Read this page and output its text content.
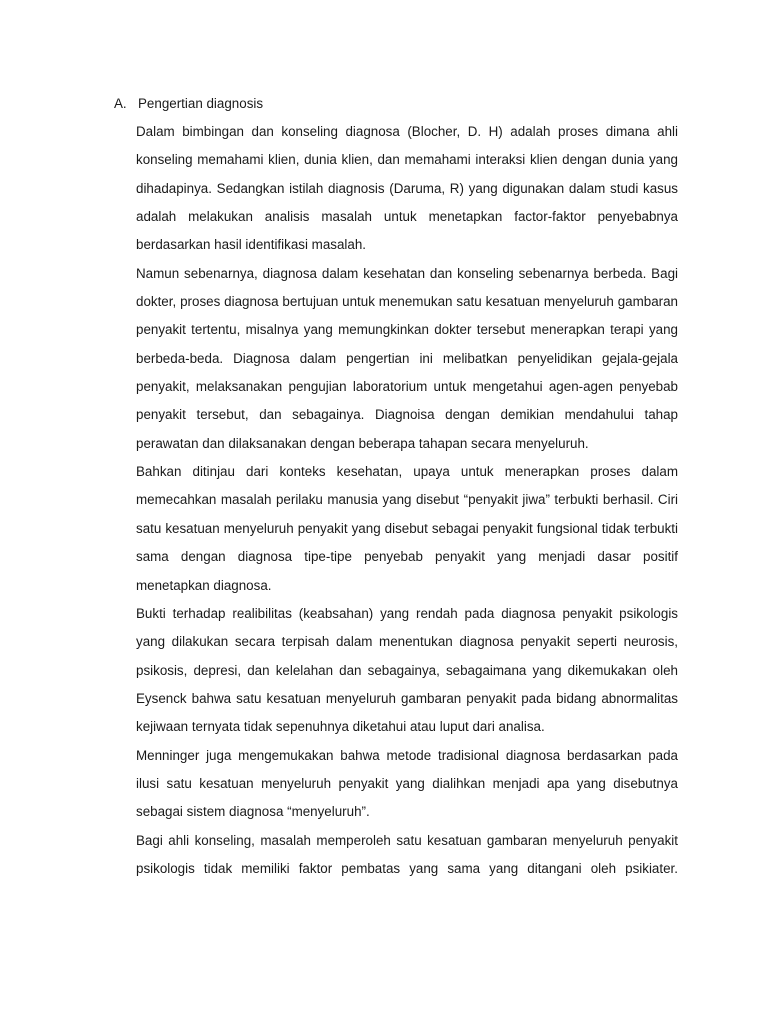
A. Pengertian diagnosis

Dalam bimbingan dan konseling diagnosa (Blocher, D. H) adalah proses dimana ahli konseling memahami klien, dunia klien, dan memahami interaksi klien dengan dunia yang dihadapinya. Sedangkan istilah diagnosis (Daruma, R) yang digunakan dalam studi kasus adalah melakukan analisis masalah untuk menetapkan factor-faktor penyebabnya berdasarkan hasil identifikasi masalah.

Namun sebenarnya, diagnosa dalam kesehatan dan konseling sebenarnya berbeda. Bagi dokter, proses diagnosa bertujuan untuk menemukan satu kesatuan menyeluruh gambaran penyakit tertentu, misalnya yang memungkinkan dokter tersebut menerapkan terapi yang berbeda-beda. Diagnosa dalam pengertian ini melibatkan penyelidikan gejala-gejala penyakit, melaksanakan pengujian laboratorium untuk mengetahui agen-agen penyebab penyakit tersebut, dan sebagainya. Diagnoisa dengan demikian mendahului tahap perawatan dan dilaksanakan dengan beberapa tahapan secara menyeluruh.

Bahkan ditinjau dari konteks kesehatan, upaya untuk menerapkan proses dalam memecahkan masalah perilaku manusia yang disebut “penyakit jiwa” terbukti berhasil. Ciri satu kesatuan menyeluruh penyakit yang disebut sebagai penyakit fungsional tidak terbukti sama dengan diagnosa tipe-tipe penyebab penyakit yang menjadi dasar positif menetapkan diagnosa.

Bukti terhadap realibilitas (keabsahan) yang rendah pada diagnosa penyakit psikologis yang dilakukan secara terpisah dalam menentukan diagnosa penyakit seperti neurosis, psikosis, depresi, dan kelelahan dan sebagainya, sebagaimana yang dikemukakan oleh Eysenck bahwa satu kesatuan menyeluruh gambaran penyakit pada bidang abnormalitas kejiwaan ternyata tidak sepenuhnya diketahui atau luput dari analisa.

Menninger juga mengemukakan bahwa metode tradisional diagnosa berdasarkan pada ilusi satu kesatuan menyeluruh penyakit yang dialihkan menjadi apa yang disebutnya sebagai sistem diagnosa “menyeluruh”.

Bagi ahli konseling, masalah memperoleh satu kesatuan gambaran menyeluruh penyakit psikologis tidak memiliki faktor pembatas yang sama yang ditangani oleh psikiater.
